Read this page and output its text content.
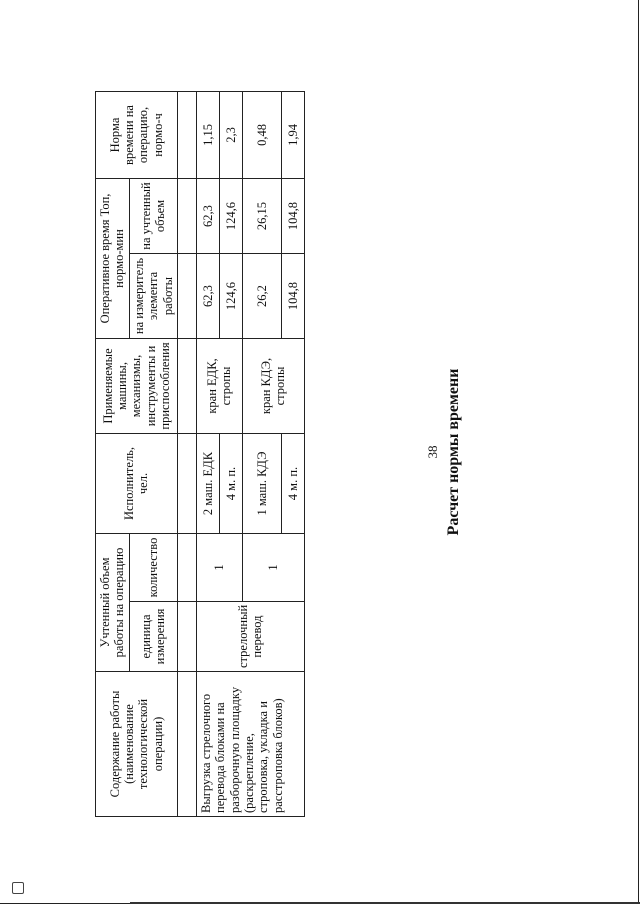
38 Расчет нормы времени
Содержание работы (наименование технологической операции)	Учтенный объем работы на операцию		Исполнитель, чел.	Применяемые машины, механизмы, инструменты и приспособления	Оперативное время Топ, нормо-мин		Норма времени на операцию, нормо-ч
	единица измерения	количество			на измеритель элемента работы	на учтенный объем	

Выгрузка стрелочного перевода блоками на разборочную площадку (раскрепление, строповка, укладка и расстроповка блоков)	стрелочный перевод	1	2 маш. ЕДК	кран ЕДК, стропы	62,3	62,3	1,15
			4 м. п.		124,6	124,6	2,3
		1	1 маш. КДЭ	кран КДЭ, стропы	26,2	26,15	0,48
			4 м. п.		104,8	104,8	1,94
